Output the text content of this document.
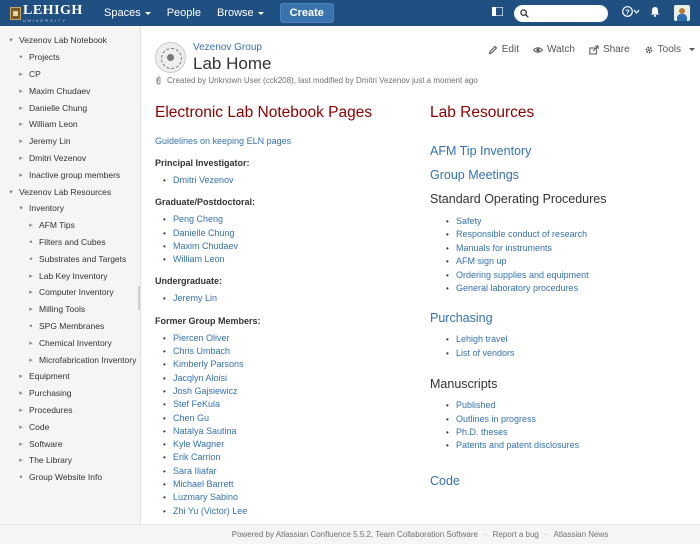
LEHIGH
UNIVERSITY
Spaces People Browse	Create	?
▾ Vezenov Lab Notebook
• Projects
▸ CP
▸ Maxim Chudaev
▸ Danielle Chung
▸ William Leon
▸ Jeremy Lin
▸ Dmitri Vezenov
▸ Inactive group members
▾ Vezenov Lab Resources
▾ Inventory
▸ AFM Tips
• Filters and Cubes
• Substrates and Targets
▸ Lab Key Inventory
▸ Computer Inventory
▸ Milling Tools
• SPG Membranes
▸ Chemical Inventory
▸ Microfabrication Inventory
▸ Equipment
▸ Purchasing
▸ Procedures
▸ Code
▸ Software
▸ The Library
• Group Website Info
Vezenov Group
Lab Home
Edit	Watch	Share	Tools
Created by Unknown User (cck208), last modified by Dmitri Vezenov just a moment ago
Electronic Lab Notebook Pages
Guidelines on keeping ELN pages
Principal Investigator:
• Dmitri Vezenov
Graduate/Postdoctoral:
• Peng Cheng
• Danielle Chung
• Maxim Chudaev
• William Leon
Undergraduate:
• Jeremy Lin
Former Group Members:
• Piercen Oliver
• Chris Umbach
• Kimberly Parsons
• Jacqlyn Aloisi
• Josh Gajsiewicz
• Stef FeKula
• Chen Gu
• Natalya Sautina
• Kyle Wagner
• Erik Carrion
• Sara Iliafar
• Michael Barrett
• Luzmary Sabino
• Zhi Yu (Victor) Lee
Lab Resources
AFM Tip Inventory
Group Meetings
Standard Operating Procedures
• Safety
• Responsible conduct of research
• Manuals for instruments
• AFM sign up
• Ordering supplies and equipment
• General laboratory procedures
Purchasing
• Lehigh travel
• List of vendors
Manuscripts
• Published
• Outlines in progress
• Ph.D. theses
• Patents and patent disclosures
Code
Powered by Atlassian Confluence 5.5.2, Team Collaboration Software · Report a bug · Atlassian News
